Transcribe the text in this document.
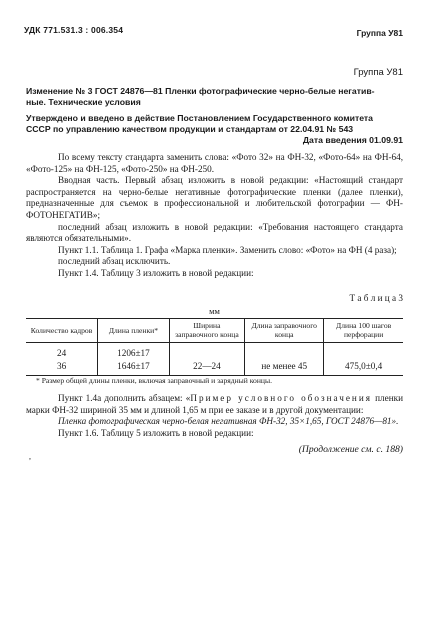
УДК 771.531.3 : 006.354	Группа У81
Группа У81
Изменение № 3 ГОСТ 24876—81 Пленки фотографические черно-белые негатив-
ные. Технические условия
Утверждено и введено в действие Постановлением Государственного комитета
СССР по управлению качеством продукции и стандартам от 22.04.91 № 543
Дата введения 01.09.91
По всему тексту стандарта заменить слова: «Фото 32» на ФН-32, «Фото-64» на ФН-64, «Фото-125» на ФН-125, «Фото-250» на ФН-250.
Вводная часть. Первый абзац изложить в новой редакции: «Настоящий стандарт распространяется на черно-белые негативные фотографические пленки (далее пленки), предназначенные для съемок в профессиональной и любительской фотографии — ФН-ФОТОНЕГАТИВ»;
последний абзац изложить в новой редакции: «Требования настоящего стандарта являются обязательными».
Пункт 1.1. Таблица 1. Графа «Марка пленки». Заменить слово: «Фото» на ФН (4 раза);
последний абзац исключить.
Пункт 1.4. Таблицу 3 изложить в новой редакции:
Т а б л и ц а 3
мм
Количество кадров	Длина пленки*	Ширина заправочного конца	Длина заправочного конца	Длина 100 шагов перфорации
24	1206±17			
36	1646±17	22—24	не менее 45	475,0±0,4
* Размер общей длины пленки, включая заправочный и зарядный концы.
Пункт 1.4а дополнить абзацем: «Пример условного обозначения пленки марки ФН-32 шириной 35 мм и длиной 1,65 м при ее заказе и в другой документации:
Пленка фотографическая черно-белая негативная ФН-32, 35×1,65, ГОСТ 24876—81».
Пункт 1.6. Таблицу 5 изложить в новой редакции:
,
(Продолжение см. с. 188)
